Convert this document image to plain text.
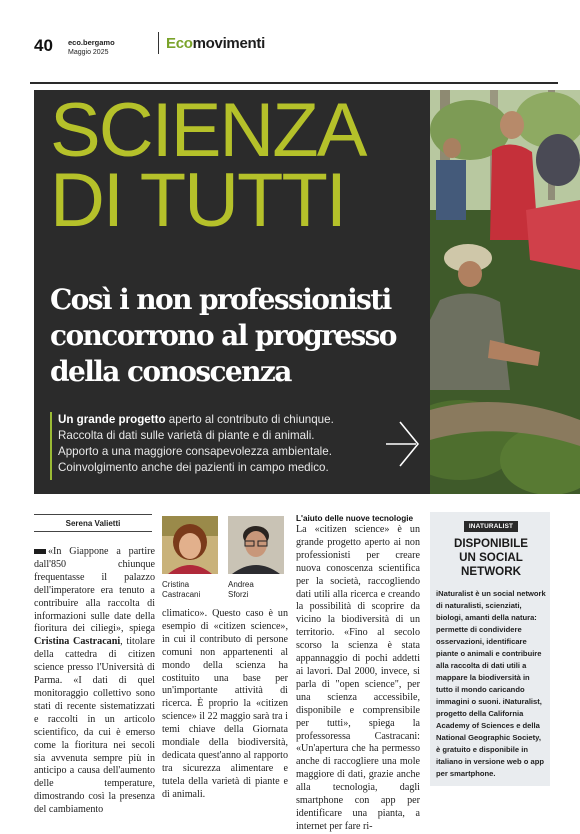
40 eco.bergamo
Maggio 2025
Ecomovimenti
SCIENZA
DI TUTTI
Così i non professionisti
concorrono al progresso
della conoscenza
Un grande progetto aperto al contributo di chiunque.
Raccolta di dati sulle varietà di piante e di animali.
Apporto a una maggiore consapevolezza ambientale.
Coinvolgimento anche dei pazienti in campo medico.
Serena Valietti
«In Giappone a partire dall'850 chiunque frequentasse il palazzo dell'imperatore era tenuto a contribuire alla raccolta di informazioni sulle date della fioritura dei ciliegi», spiega Cristina Castracani, titolare della cattedra di citizen science presso l'Università di Parma. «I dati di quel monitoraggio collettivo sono stati di recente sistematizzati e raccolti in un articolo scientifico, da cui è emerso come la fioritura nei secoli sia avvenuta sempre più in anticipo a causa dell'aumento delle temperature, dimostrando così la presenza del cambiamento
Cristina
Castracani
Andrea
Sforzi
climatico». Questo caso è un esempio di «citizen science», in cui il contributo di persone comuni non appartenenti al mondo della scienza ha costituito una base per un'importante attività di ricerca. È proprio la «citizen science» il 22 maggio sarà tra i temi chiave della Giornata mondiale della biodiversità, dedicata quest'anno al rapporto tra sicurezza alimentare e tutela della varietà di piante e di animali.
L'aiuto delle nuove tecnologie
La «citizen science» è un grande progetto aperto ai non professionisti per creare nuova conoscenza scientifica per la società, raccogliendo dati utili alla ricerca e creando la possibilità di scoprire da vicino la biodiversità di un territorio. «Fino al secolo scorso la scienza è stata appannaggio di pochi addetti ai lavori. Dal 2000, invece, si parla di "open science", per una scienza accessibile, disponibile e comprensibile per tutti», spiega la professoressa Castracani: «Un'apertura che ha permesso anche di raccogliere una mole maggiore di dati, grazie anche alla tecnologia, dagli smartphone con app per identificare una pianta, a internet per fare ri-
INATURALIST
DISPONIBILE
UN SOCIAL
NETWORK
iNaturalist è un social network di naturalisti, scienziati, biologi, amanti della natura: permette di condividere osservazioni, identificare piante o animali e contribuire alla raccolta di dati utili a mappare la biodiversità in tutto il mondo caricando immagini o suoni. iNaturalist, progetto della California Academy of Sciences e della National Geographic Society, è gratuito e disponibile in italiano in versione web o app per smartphone.
